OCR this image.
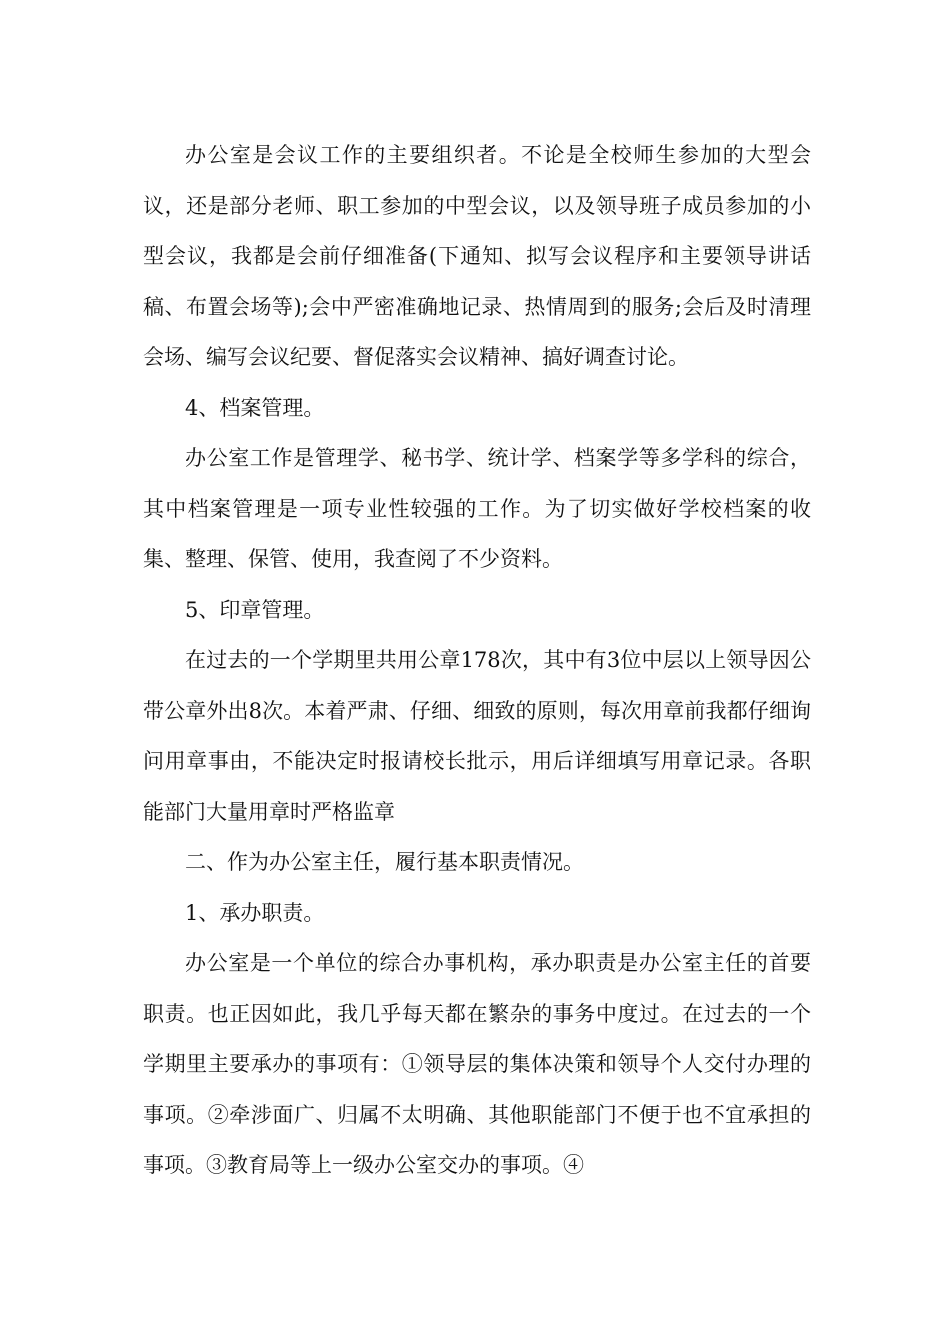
办公室是会议工作的主要组织者。不论是全校师生参加的大型会议，还是部分老师、职工参加的中型会议，以及领导班子成员参加的小型会议，我都是会前仔细准备(下通知、拟写会议程序和主要领导讲话稿、布置会场等);会中严密准确地记录、热情周到的服务;会后及时清理会场、编写会议纪要、督促落实会议精神、搞好调查讨论。

4、档案管理。

办公室工作是管理学、秘书学、统计学、档案学等多学科的综合，其中档案管理是一项专业性较强的工作。为了切实做好学校档案的收集、整理、保管、使用，我查阅了不少资料。

5、印章管理。

在过去的一个学期里共用公章178次，其中有3位中层以上领导因公带公章外出8次。本着严肃、仔细、细致的原则，每次用章前我都仔细询问用章事由，不能决定时报请校长批示，用后详细填写用章记录。各职能部门大量用章时严格监章

二、作为办公室主任，履行基本职责情况。

1、承办职责。

办公室是一个单位的综合办事机构，承办职责是办公室主任的首要职责。也正因如此，我几乎每天都在繁杂的事务中度过。在过去的一个学期里主要承办的事项有：①领导层的集体决策和领导个人交付办理的事项。②牵涉面广、归属不太明确、其他职能部门不便于也不宜承担的事项。③教育局等上一级办公室交办的事项。④
